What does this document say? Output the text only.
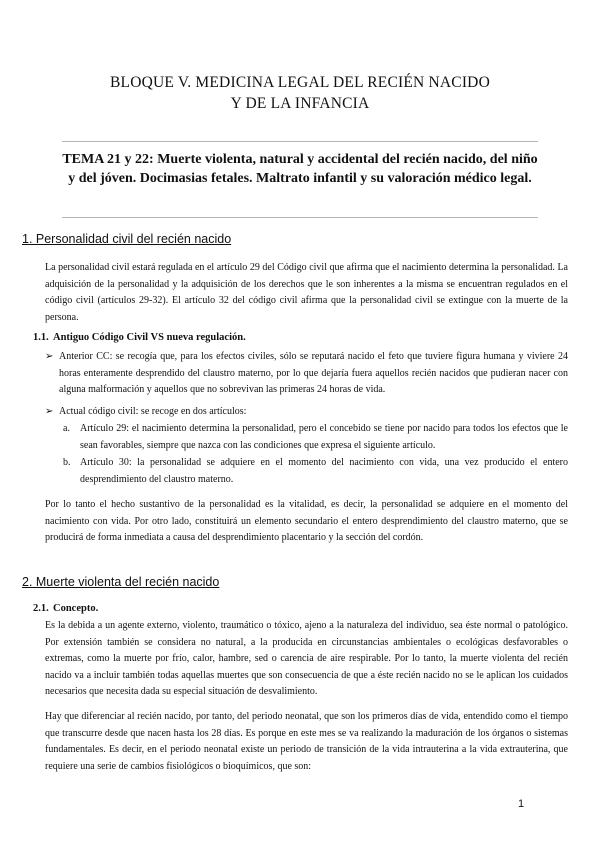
BLOQUE V. MEDICINA LEGAL DEL RECIÉN NACIDO
Y DE LA INFANCIA
TEMA 21 y 22: Muerte violenta, natural y accidental del recién nacido, del niño y del jóven. Docimasias fetales. Maltrato infantil y su valoración médico legal.
1. Personalidad civil del recién nacido

La personalidad civil estará regulada en el artículo 29 del Código civil que afirma que el nacimiento determina la personalidad. La adquisición de la personalidad y la adquisición de los derechos que le son inherentes a la misma se encuentran regulados en el código civil (artículos 29-32). El artículo 32 del código civil afirma que la personalidad civil se extingue con la muerte de la persona.

1.1. Antiguo Código Civil VS nueva regulación.
➢ Anterior CC: se recogía que, para los efectos civiles, sólo se reputará nacido el feto que tuviere figura humana y viviere 24 horas enteramente desprendido del claustro materno, por lo que dejaría fuera aquellos recién nacidos que pudieran nacer con alguna malformación y aquellos que no sobrevivan las primeras 24 horas de vida.
➢ Actual código civil: se recoge en dos artículos:
a. Artículo 29: el nacimiento determina la personalidad, pero el concebido se tiene por nacido para todos los efectos que le sean favorables, siempre que nazca con las condiciones que expresa el siguiente artículo.
b. Artículo 30: la personalidad se adquiere en el momento del nacimiento con vida, una vez producido el entero desprendimiento del claustro materno.

Por lo tanto el hecho sustantivo de la personalidad es la vitalidad, es decir, la personalidad se adquiere en el momento del nacimiento con vida. Por otro lado, constituirá un elemento secundario el entero desprendimiento del claustro materno, que se producirá de forma inmediata a causa del desprendimiento placentario y la sección del cordón.

2. Muerte violenta del recién nacido
2.1. Concepto.

Es la debida a un agente externo, violento, traumático o tóxico, ajeno a la naturaleza del individuo, sea éste normal o patológico. Por extensión también se considera no natural, a la producida en circunstancias ambientales o ecológicas desfavorables o extremas, como la muerte por frío, calor, hambre, sed o carencia de aire respirable. Por lo tanto, la muerte violenta del recién nacido va a incluir también todas aquellas muertes que son consecuencia de que a éste recién nacido no se le aplican los cuidados necesarios que necesita dada su especial situación de desvalimiento.

Hay que diferenciar al recién nacido, por tanto, del periodo neonatal, que son los primeros días de vida, entendido como el tiempo que transcurre desde que nacen hasta los 28 días. Es porque en este mes se va realizando la maduración de los órganos o sistemas fundamentales. Es decir, en el periodo neonatal existe un periodo de transición de la vida intrauterina a la vida extrauterina, que requiere una serie de cambios fisiológicos o bioquímicos, que son:

1
